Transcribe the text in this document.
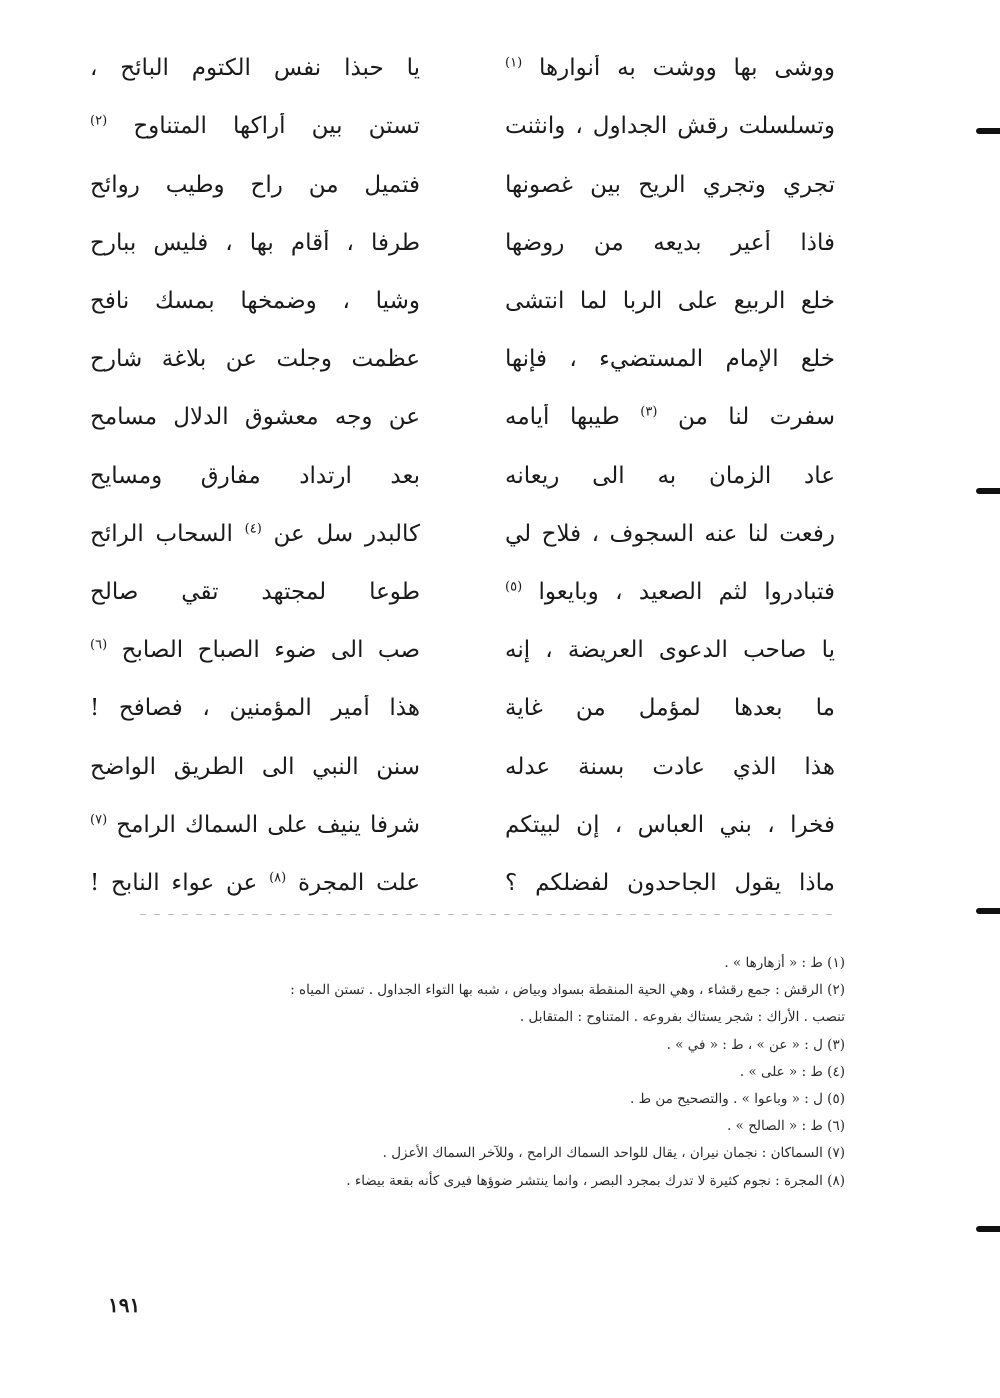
ووشى بها ووشت به أنوارها $^{(١)}$
يا حبذا نفس الكتوم البائح ،
وتسلسلت رقش الجداول ، وانثنت
تستن بين أراكها المتناوح $^{(٢)}$
تجري وتجري الريح بين غصونها
فتميل من راح وطيب روائح
فاذا أعير بديعه من روضها
طرفا ، أقام بها ، فليس ببارح
خلع الربيع على الربا لما انتشى
وشيا ، وضمخها بمسك نافح
خلع الإمام المستضيء ، فإنها
عظمت وجلت عن بلاغة شارح
سفرت لنا من $^{(٣)}$ طيبها أيامه
عن وجه معشوق الدلال مسامح
عاد الزمان به الى ريعانه
بعد ارتداد مفارق ومسايح
رفعت لنا عنه السجوف ، فلاح لي
كالبدر سل عن $^{(٤)}$ السحاب الرائح
فتبادروا لثم الصعيد ، وبايعوا $^{(٥)}$
طوعا لمجتهد تقي صالح
يا صاحب الدعوى العريضة ، إنه
صب الى ضوء الصباح الصابح $^{(٦)}$
ما بعدها لمؤمل من غاية
هذا أمير المؤمنين ، فصافح !
هذا الذي عادت بسنة عدله
سنن النبي الى الطريق الواضح
فخرا ، بني العباس ، إن لبيتكم
شرفا ينيف على السماك الرامح $^{(٧)}$
ماذا يقول الجاحدون لفضلكم ؟
علت المجرة $^{(٨)}$ عن عواء النابح !
(١) ط : « أزهارها » .
(٢) الرقش : جمع رقشاء ، وهي الحية المنقطة بسواد وبياض ، شبه بها التواء الجداول . تستن المياه :
تنصب . الأراك : شجر يستاك بفروعه . المتناوح : المتقابل .
(٣) ل : « عن » ، ط : « في » .
(٤) ط : « على » .
(٥) ل : « وباعوا » . والتصحيح من ط .
(٦) ط : « الصالح » .
(٧) السماكان : نجمان نيران ، يقال للواحد السماك الرامح ، وللآخر السماك الأعزل .
(٨) المجرة : نجوم كثيرة لا تدرك بمجرد البصر ، وانما ينتشر ضوؤها فيرى كأنه بقعة بيضاء .
١٩١
